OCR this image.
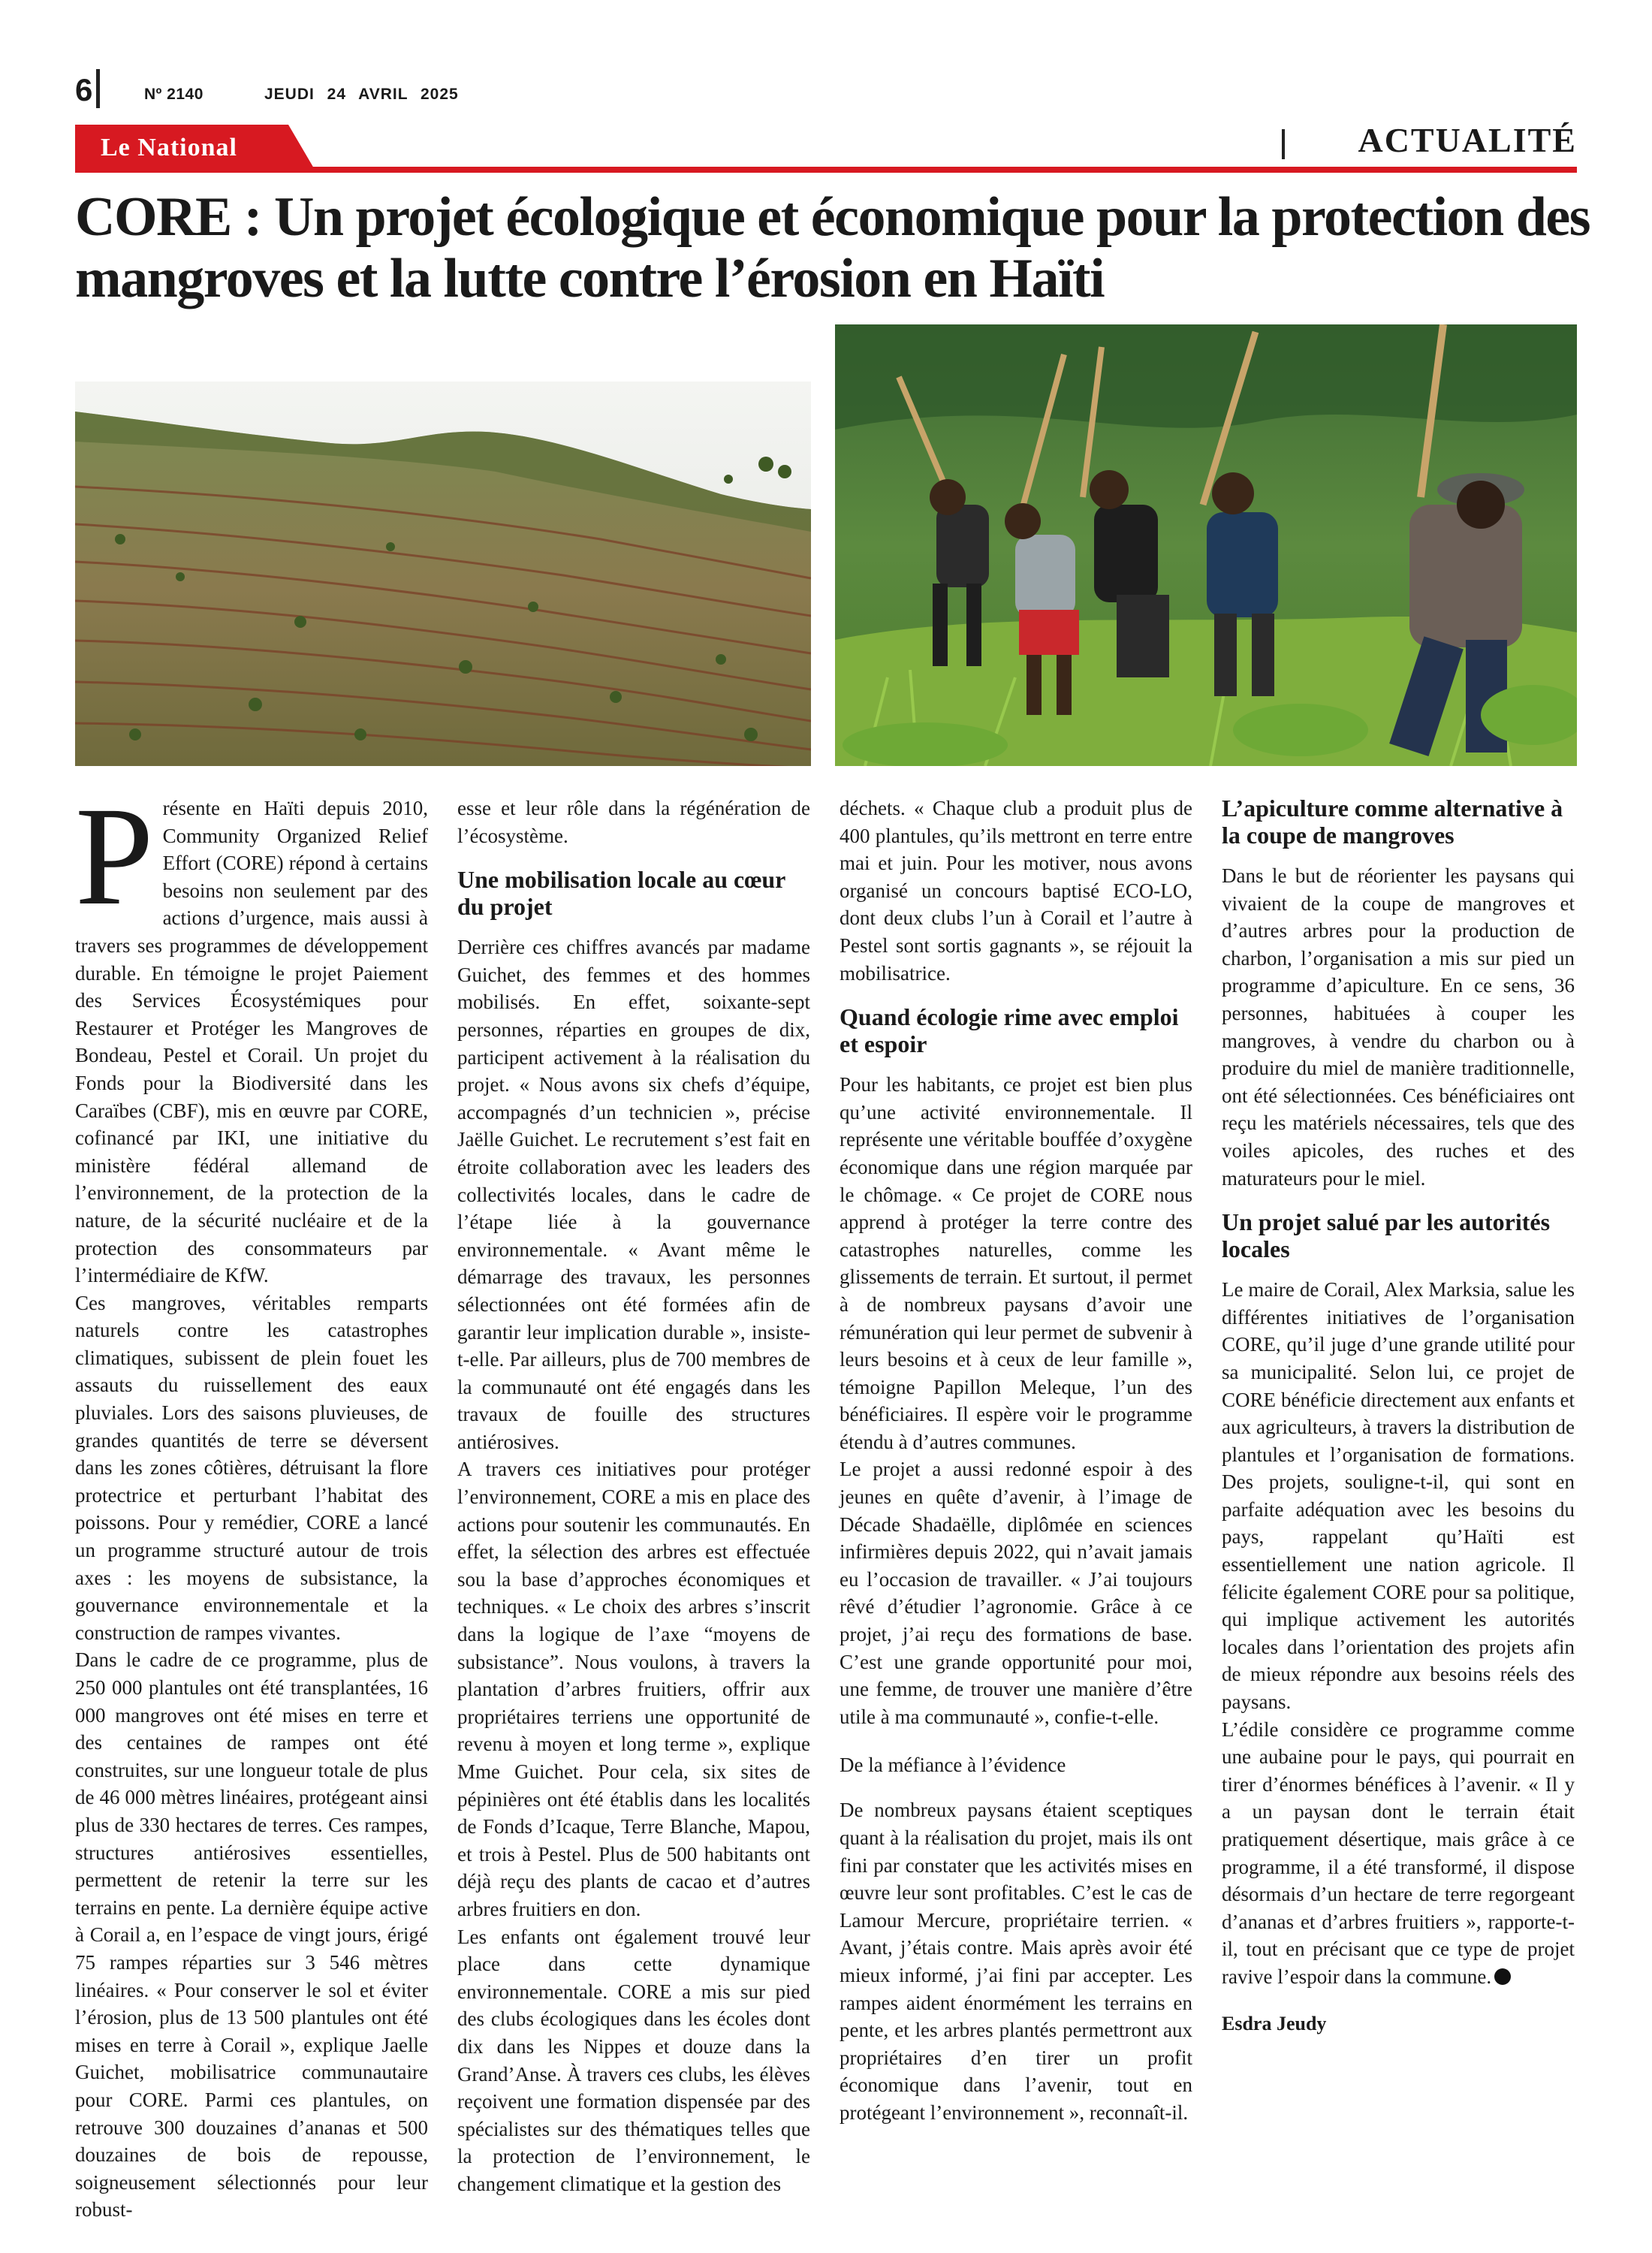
6	Nº 2140	JEUDI 24 AVRIL 2025
Le National	ACTUALITÉ
CORE : Un projet écologique et économique pour la protection des mangroves et la lutte contre l’érosion en Haïti

Présente en Haïti depuis 2010, Community Organized Relief Effort (CORE) répond à certains besoins non seulement par des actions d’urgence, mais aussi à travers ses programmes de développement durable. En témoigne le projet Paiement des Services Écosystémiques pour Restaurer et Protéger les Mangroves de Bondeau, Pestel et Corail. Un projet du Fonds pour la Biodiversité dans les Caraïbes (CBF), mis en œuvre par CORE, cofinancé par IKI, une initiative du ministère fédéral allemand de l’environnement, de la protection de la nature, de la sécurité nucléaire et de la protection des consommateurs par l’intermédiaire de KfW.

Ces mangroves, véritables remparts naturels contre les catastrophes climatiques, subissent de plein fouet les assauts du ruissellement des eaux pluviales. Lors des saisons pluvieuses, de grandes quantités de terre se déversent dans les zones côtières, détruisant la flore protectrice et perturbant l’habitat des poissons. Pour y remédier, CORE a lancé un programme structuré autour de trois axes : les moyens de subsistance, la gouvernance environnementale et la construction de rampes vivantes.

Dans le cadre de ce programme, plus de 250 000 plantules ont été transplantées, 16 000 mangroves ont été mises en terre et des centaines de rampes ont été construites, sur une longueur totale de plus de 46 000 mètres linéaires, protégeant ainsi plus de 330 hectares de terres. Ces rampes, structures antiérosives essentielles, permettent de retenir la terre sur les terrains en pente. La dernière équipe active à Corail a, en l’espace de vingt jours, érigé 75 rampes réparties sur 3 546 mètres linéaires. « Pour conserver le sol et éviter l’érosion, plus de 13 500 plantules ont été mises en terre à Corail », explique Jaelle Guichet, mobilisatrice communautaire pour CORE. Parmi ces plantules, on retrouve 300 douzaines d’ananas et 500 douzaines de bois de repousse, soigneusement sélectionnés pour leur robust-

esse et leur rôle dans la régénération de l’écosystème.

Une mobilisation locale au cœur du projet

Derrière ces chiffres avancés par madame Guichet, des femmes et des hommes mobilisés. En effet, soixante-sept personnes, réparties en groupes de dix, participent activement à la réalisation du projet. « Nous avons six chefs d’équipe, accompagnés d’un technicien », précise Jaëlle Guichet. Le recrutement s’est fait en étroite collaboration avec les leaders des collectivités locales, dans le cadre de l’étape liée à la gouvernance environnementale. « Avant même le démarrage des travaux, les personnes sélectionnées ont été formées afin de garantir leur implication durable », insiste-t-elle. Par ailleurs, plus de 700 membres de la communauté ont été engagés dans les travaux de fouille des structures antiérosives.

A travers ces initiatives pour protéger l’environnement, CORE a mis en place des actions pour soutenir les communautés. En effet, la sélection des arbres est effectuée sou la base d’approches économiques et techniques. « Le choix des arbres s’inscrit dans la logique de l’axe “moyens de subsistance”. Nous voulons, à travers la plantation d’arbres fruitiers, offrir aux propriétaires terriens une opportunité de revenu à moyen et long terme », explique Mme Guichet. Pour cela, six sites de pépinières ont été établis dans les localités de Fonds d’Icaque, Terre Blanche, Mapou, et trois à Pestel. Plus de 500 habitants ont déjà reçu des plants de cacao et d’autres arbres fruitiers en don.

Les enfants ont également trouvé leur place dans cette dynamique environnementale. CORE a mis sur pied des clubs écologiques dans les écoles dont dix dans les Nippes et douze dans la Grand’Anse. À travers ces clubs, les élèves reçoivent une formation dispensée par des spécialistes sur des thématiques telles que la protection de l’environnement, le changement climatique et la gestion des

déchets. « Chaque club a produit plus de 400 plantules, qu’ils mettront en terre entre mai et juin. Pour les motiver, nous avons organisé un concours baptisé ECO-LO, dont deux clubs l’un à Corail et l’autre à Pestel sont sortis gagnants », se réjouit la mobilisatrice.

Quand écologie rime avec emploi et espoir

Pour les habitants, ce projet est bien plus qu’une activité environnementale. Il représente une véritable bouffée d’oxygène économique dans une région marquée par le chômage. « Ce projet de CORE nous apprend à protéger la terre contre des catastrophes naturelles, comme les glissements de terrain. Et surtout, il permet à de nombreux paysans d’avoir une rémunération qui leur permet de subvenir à leurs besoins et à ceux de leur famille », témoigne Papillon Meleque, l’un des bénéficiaires. Il espère voir le programme étendu à d’autres communes.

Le projet a aussi redonné espoir à des jeunes en quête d’avenir, à l’image de Décade Shadaëlle, diplômée en sciences infirmières depuis 2022, qui n’avait jamais eu l’occasion de travailler. « J’ai toujours rêvé d’étudier l’agronomie. Grâce à ce projet, j’ai reçu des formations de base. C’est une grande opportunité pour moi, une femme, de trouver une manière d’être utile à ma communauté », confie-t-elle.

De la méfiance à l’évidence

De nombreux paysans étaient sceptiques quant à la réalisation du projet, mais ils ont fini par constater que les activités mises en œuvre leur sont profitables. C’est le cas de Lamour Mercure, propriétaire terrien. « Avant, j’étais contre. Mais après avoir été mieux informé, j’ai fini par accepter. Les rampes aident énormément les terrains en pente, et les arbres plantés permettront aux propriétaires d’en tirer un profit économique dans l’avenir, tout en protégeant l’environnement », reconnaît-il.

L’apiculture comme alternative à la coupe de mangroves

Dans le but de réorienter les paysans qui vivaient de la coupe de mangroves et d’autres arbres pour la production de charbon, l’organisation a mis sur pied un programme d’apiculture. En ce sens, 36 personnes, habituées à couper les mangroves, à vendre du charbon ou à produire du miel de manière traditionnelle, ont été sélectionnées. Ces bénéficiaires ont reçu les matériels nécessaires, tels que des voiles apicoles, des ruches et des maturateurs pour le miel.

Un projet salué par les autorités locales

Le maire de Corail, Alex Marksia, salue les différentes initiatives de l’organisation CORE, qu’il juge d’une grande utilité pour sa municipalité. Selon lui, ce projet de CORE bénéficie directement aux enfants et aux agriculteurs, à travers la distribution de plantules et l’organisation de formations. Des projets, souligne-t-il, qui sont en parfaite adéquation avec les besoins du pays, rappelant qu’Haïti est essentiellement une nation agricole. Il félicite également CORE pour sa politique, qui implique activement les autorités locales dans l’orientation des projets afin de mieux répondre aux besoins réels des paysans.

L’édile considère ce programme comme une aubaine pour le pays, qui pourrait en tirer d’énormes bénéfices à l’avenir. « Il y a un paysan dont le terrain était pratiquement désertique, mais grâce à ce programme, il a été transformé, il dispose désormais d’un hectare de terre regorgeant d’ananas et d’arbres fruitiers », rapporte-t-il, tout en précisant que ce type de projet ravive l’espoir dans la commune.

Esdra Jeudy
